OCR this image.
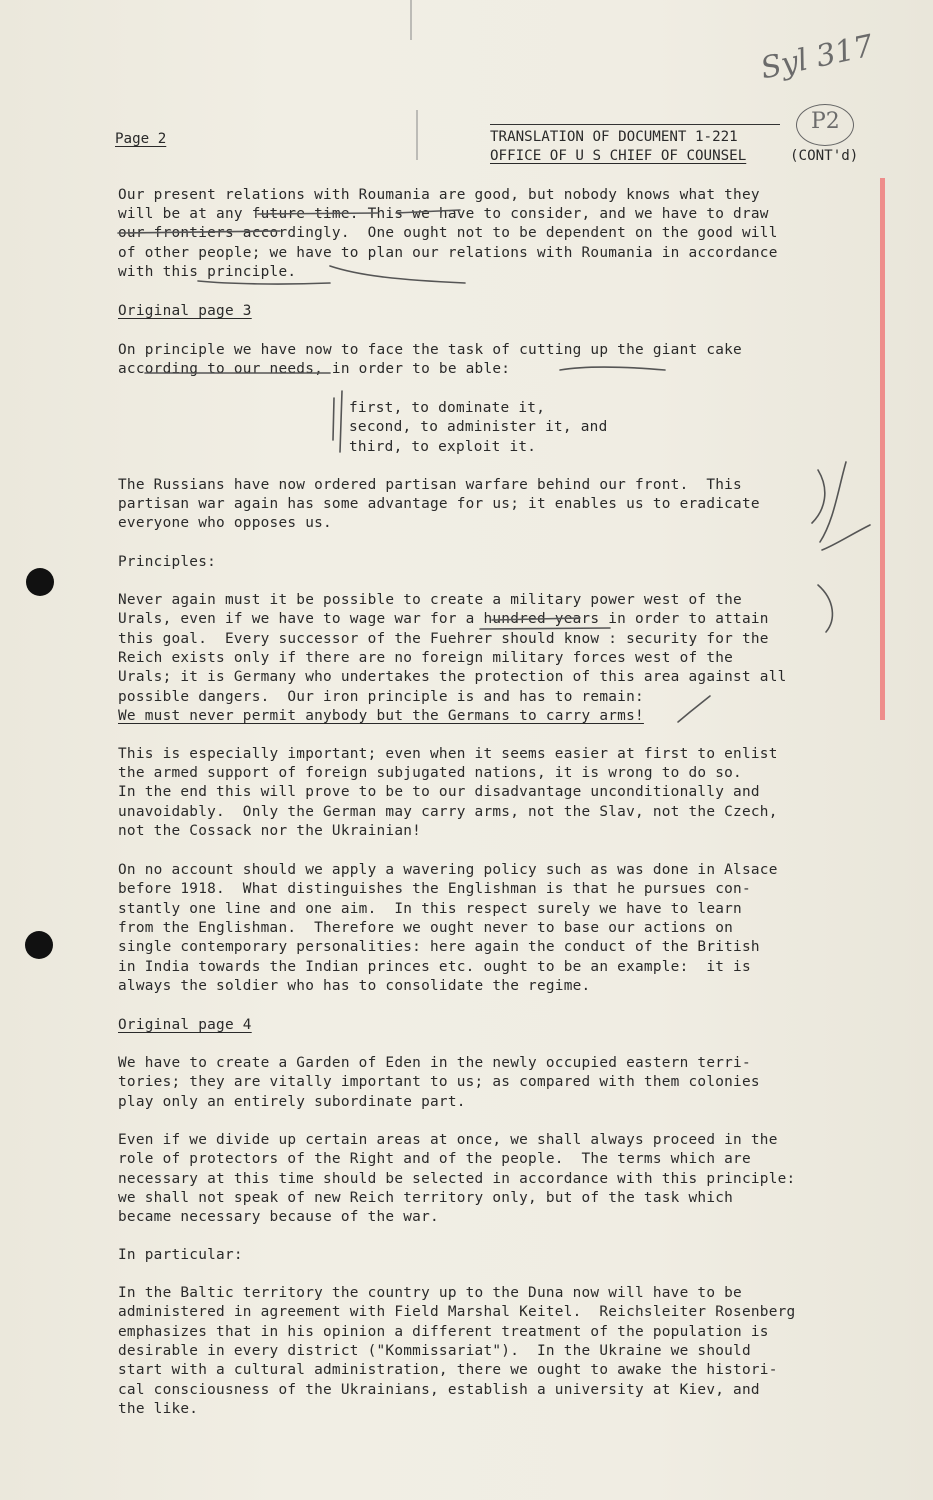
Syl 317

P2

Page 2	TRANSLATION OF DOCUMENT 1-221

OFFICE OF U S CHIEF OF COUNSEL	(CONT'd)

Our present relations with Roumania are good, but nobody knows what they

will be at any future time. This we have to consider, and we have to draw

our frontiers accordingly.  One ought not to be dependent on the good will

of other people; we have to plan our relations with Roumania in accordance

with this principle.

Original page 3

On principle we have now to face the task of cutting up the giant cake

according to our needs, in order to be able:

first, to dominate it,

second, to administer it, and

third, to exploit it.

The Russians have now ordered partisan warfare behind our front.  This

partisan war again has some advantage for us; it enables us to eradicate

everyone who opposes us.

Principles:

Never again must it be possible to create a military power west of the

Urals, even if we have to wage war for a hundred years in order to attain

this goal.  Every successor of the Fuehrer should know : security for the

Reich exists only if there are no foreign military forces west of the

Urals; it is Germany who undertakes the protection of this area against all

possible dangers.  Our iron principle is and has to remain:

We must never permit anybody but the Germans to carry arms!

This is especially important; even when it seems easier at first to enlist

the armed support of foreign subjugated nations, it is wrong to do so.

In the end this will prove to be to our disadvantage unconditionally and

unavoidably.  Only the German may carry arms, not the Slav, not the Czech,

not the Cossack nor the Ukrainian!

On no account should we apply a wavering policy such as was done in Alsace

before 1918.  What distinguishes the Englishman is that he pursues con-

stantly one line and one aim.  In this respect surely we have to learn

from the Englishman.  Therefore we ought never to base our actions on

single contemporary personalities: here again the conduct of the British

in India towards the Indian princes etc. ought to be an example:  it is

always the soldier who has to consolidate the regime.

Original page 4

We have to create a Garden of Eden in the newly occupied eastern terri-

tories; they are vitally important to us; as compared with them colonies

play only an entirely subordinate part.

Even if we divide up certain areas at once, we shall always proceed in the

role of protectors of the Right and of the people.  The terms which are

necessary at this time should be selected in accordance with this principle:

we shall not speak of new Reich territory only, but of the task which

became necessary because of the war.

In particular:

In the Baltic territory the country up to the Duna now will have to be

administered in agreement with Field Marshal Keitel.  Reichsleiter Rosenberg

emphasizes that in his opinion a different treatment of the population is

desirable in every district ("Kommissariat").  In the Ukraine we should

start with a cultural administration, there we ought to awake the histori-

cal consciousness of the Ukrainians, establish a university at Kiev, and

the like.
